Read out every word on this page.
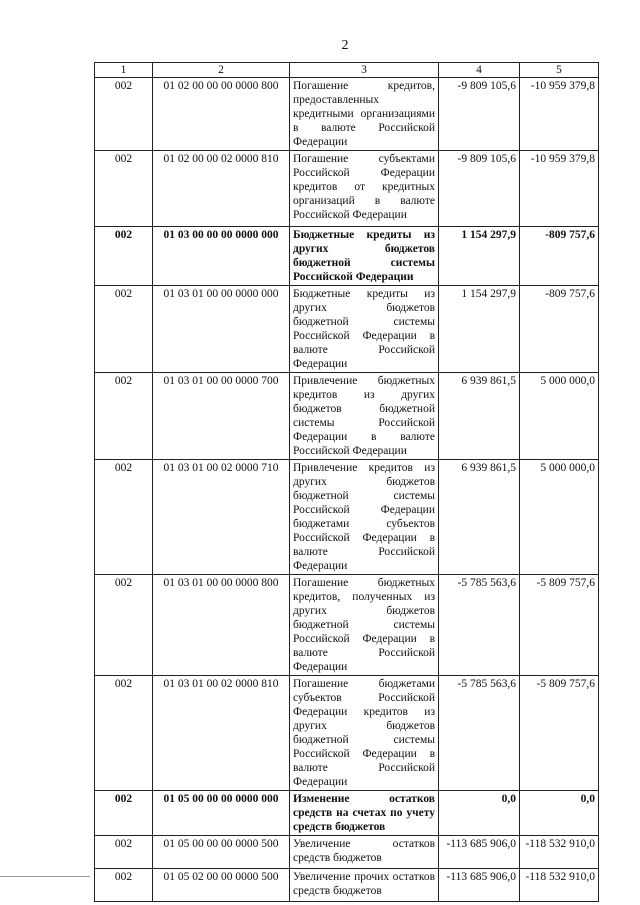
2
1	2	3	4	5
002	01 02 00 00 00 0000 800	Погашение кредитов, предоставленных кредитными организациями в валюте Российской Федерации	-9 809 105,6	-10 959 379,8
002	01 02 00 00 02 0000 810	Погашение субъектами Российской Федерации кредитов от кредитных организаций в валюте Российской Федерации	-9 809 105,6	-10 959 379,8
002	01 03 00 00 00 0000 000	Бюджетные кредиты из других бюджетов бюджетной системы Российской Федерации	1 154 297,9	-809 757,6
002	01 03 01 00 00 0000 000	Бюджетные кредиты из других бюджетов бюджетной системы Российской Федерации в валюте Российской Федерации	1 154 297,9	-809 757,6
002	01 03 01 00 00 0000 700	Привлечение бюджетных кредитов из других бюджетов бюджетной системы Российской Федерации в валюте Российской Федерации	6 939 861,5	5 000 000,0
002	01 03 01 00 02 0000 710	Привлечение кредитов из других бюджетов бюджетной системы Российской Федерации бюджетами субъектов Российской Федерации в валюте Российской Федерации	6 939 861,5	5 000 000,0
002	01 03 01 00 00 0000 800	Погашение бюджетных кредитов, полученных из других бюджетов бюджетной системы Российской Федерации в валюте Российской Федерации	-5 785 563,6	-5 809 757,6
002	01 03 01 00 02 0000 810	Погашение бюджетами субъектов Российской Федерации кредитов из других бюджетов бюджетной системы Российской Федерации в валюте Российской Федерации	-5 785 563,6	-5 809 757,6
002	01 05 00 00 00 0000 000	Изменение остатков средств на счетах по учету средств бюджетов	0,0	0,0
002	01 05 00 00 00 0000 500	Увеличение остатков средств бюджетов	-113 685 906,0	-118 532 910,0
002	01 05 02 00 00 0000 500	Увеличение прочих остатков средств бюджетов	-113 685 906,0	-118 532 910,0
